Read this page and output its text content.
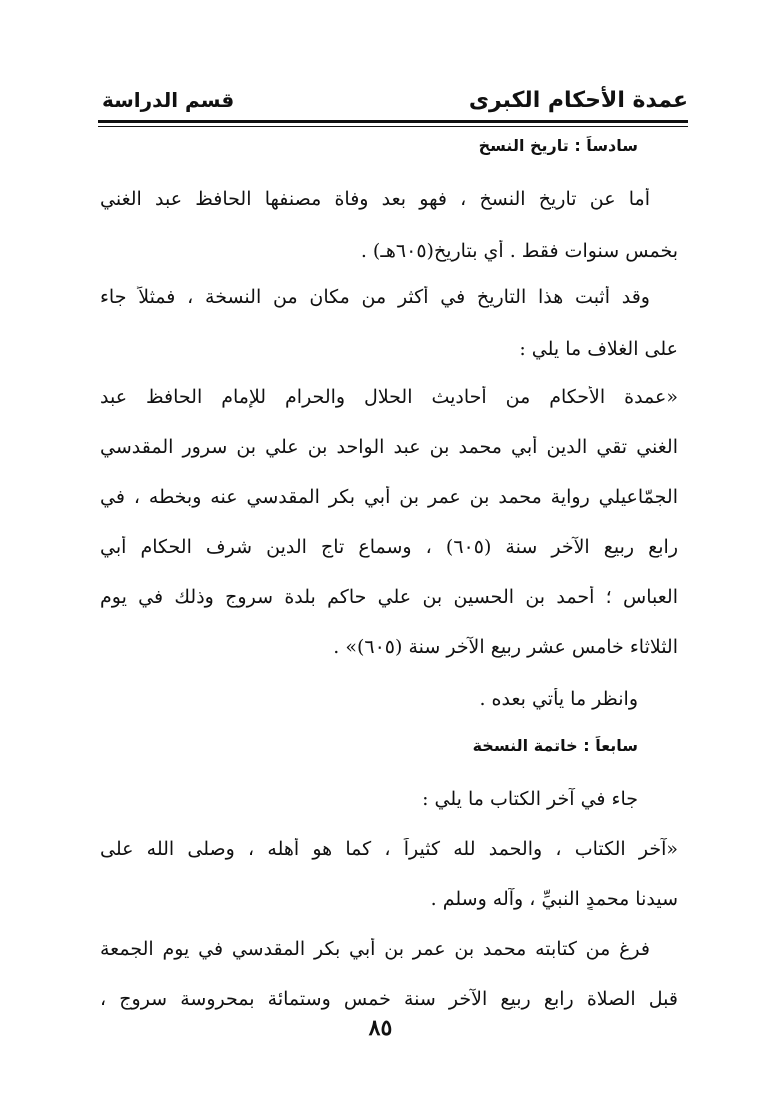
عمدة الأحكام الكبرى
قسم الدراسة
سادساً : تاريخ النسخ
أما عن تاريخ النسخ ، فهو بعد وفاة مصنفها الحافظ عبد الغني
بخمس سنوات فقط . أي بتاريخ(٦٠٥هـ) .
وقد أثبت هذا التاريخ في أكثر من مكان من النسخة ، فمثلاً جاء
على الغلاف ما يلي :
«عمدة الأحكام من أحاديث الحلال والحرام للإمام الحافظ عبد
الغني تقي الدين أبي محمد بن عبد الواحد بن علي بن سرور المقدسي
الجمّاعيلي رواية محمد بن عمر بن أبي بكر المقدسي عنه وبخطه ، في
رابع ربيع الآخر سنة (٦٠٥) ، وسماع تاج الدين شرف الحكام أبي
العباس ؛ أحمد بن الحسين بن علي حاكم بلدة سروج وذلك في يوم
الثلاثاء خامس عشر ربيع الآخر سنة (٦٠٥)» .
وانظر ما يأتي بعده .
سابعاً : خاتمة النسخة
جاء في آخر الكتاب ما يلي :
«آخر الكتاب ، والحمد لله كثيراً ، كما هو أهله ، وصلى الله على
سيدنا محمدٍ النبيِّ ، وآله وسلم .
فرغ من كتابته محمد بن عمر بن أبي بكر المقدسي في يوم الجمعة
قبل الصلاة رابع ربيع الآخر سنة خمس وستمائة بمحروسة سروج ،
٨٥
